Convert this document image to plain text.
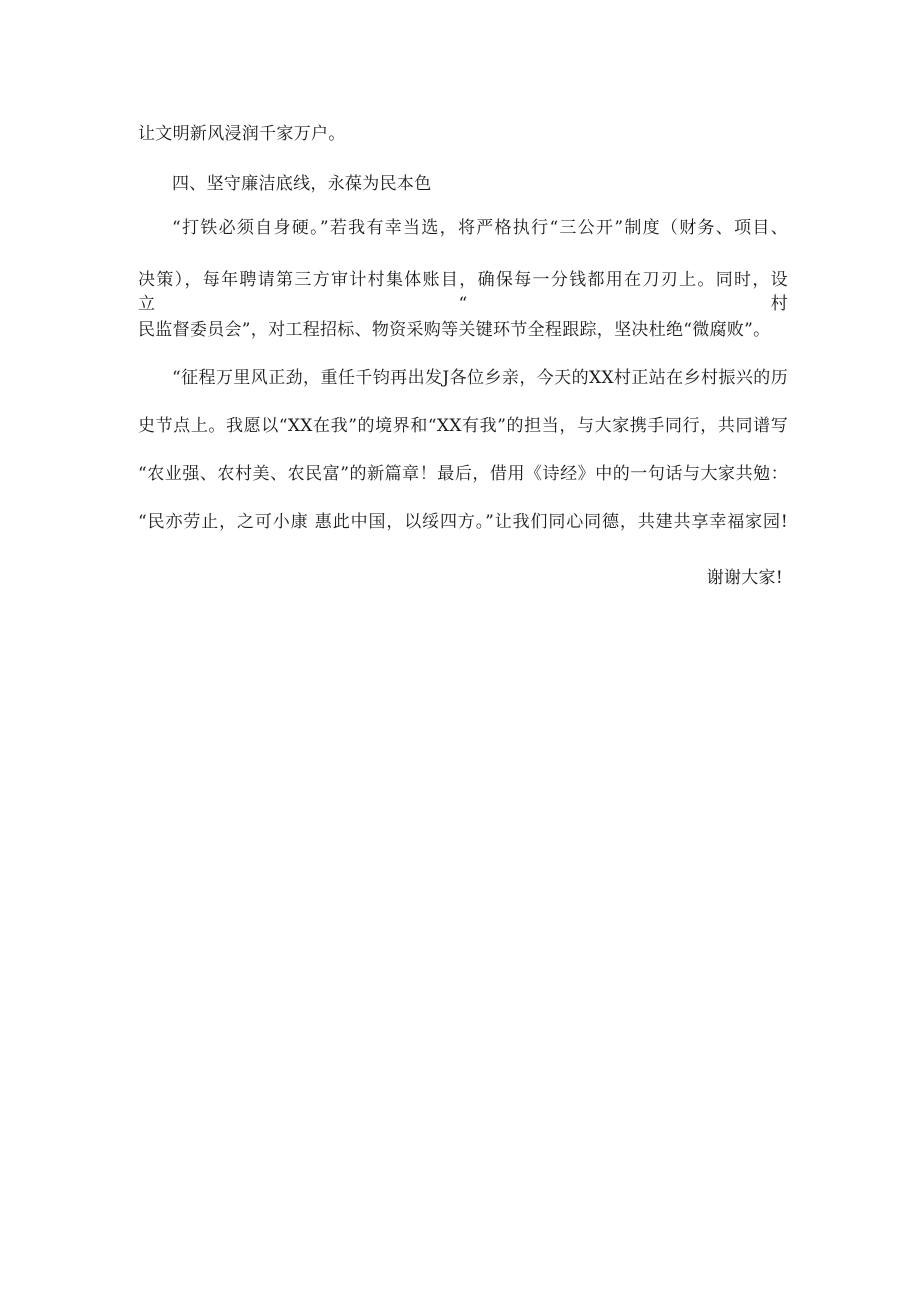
让文明新风浸润千家万户。
四、坚守廉洁底线，永葆为民本色
“打铁必须自身硬。”若我有幸当选，将严格执行“三公开”制度（财务、项目、
决策），每年聘请第三方审计村集体账目，确保每一分钱都用在刀刃上。同时，设立“村
民监督委员会”，对工程招标、物资采购等关键环节全程跟踪，坚决杜绝“微腐败”。
“征程万里风正劲，重任千钧再出发J各位乡亲，今天的XX村正站在乡村振兴的历
史节点上。我愿以“XX在我”的境界和“XX有我”的担当，与大家携手同行，共同谱写
“农业强、农村美、农民富”的新篇章！最后，借用《诗经》中的一句话与大家共勉：
“民亦劳止，之可小康 惠此中国，以绥四方。”让我们同心同德，共建共享幸福家园!
谢谢大家!
